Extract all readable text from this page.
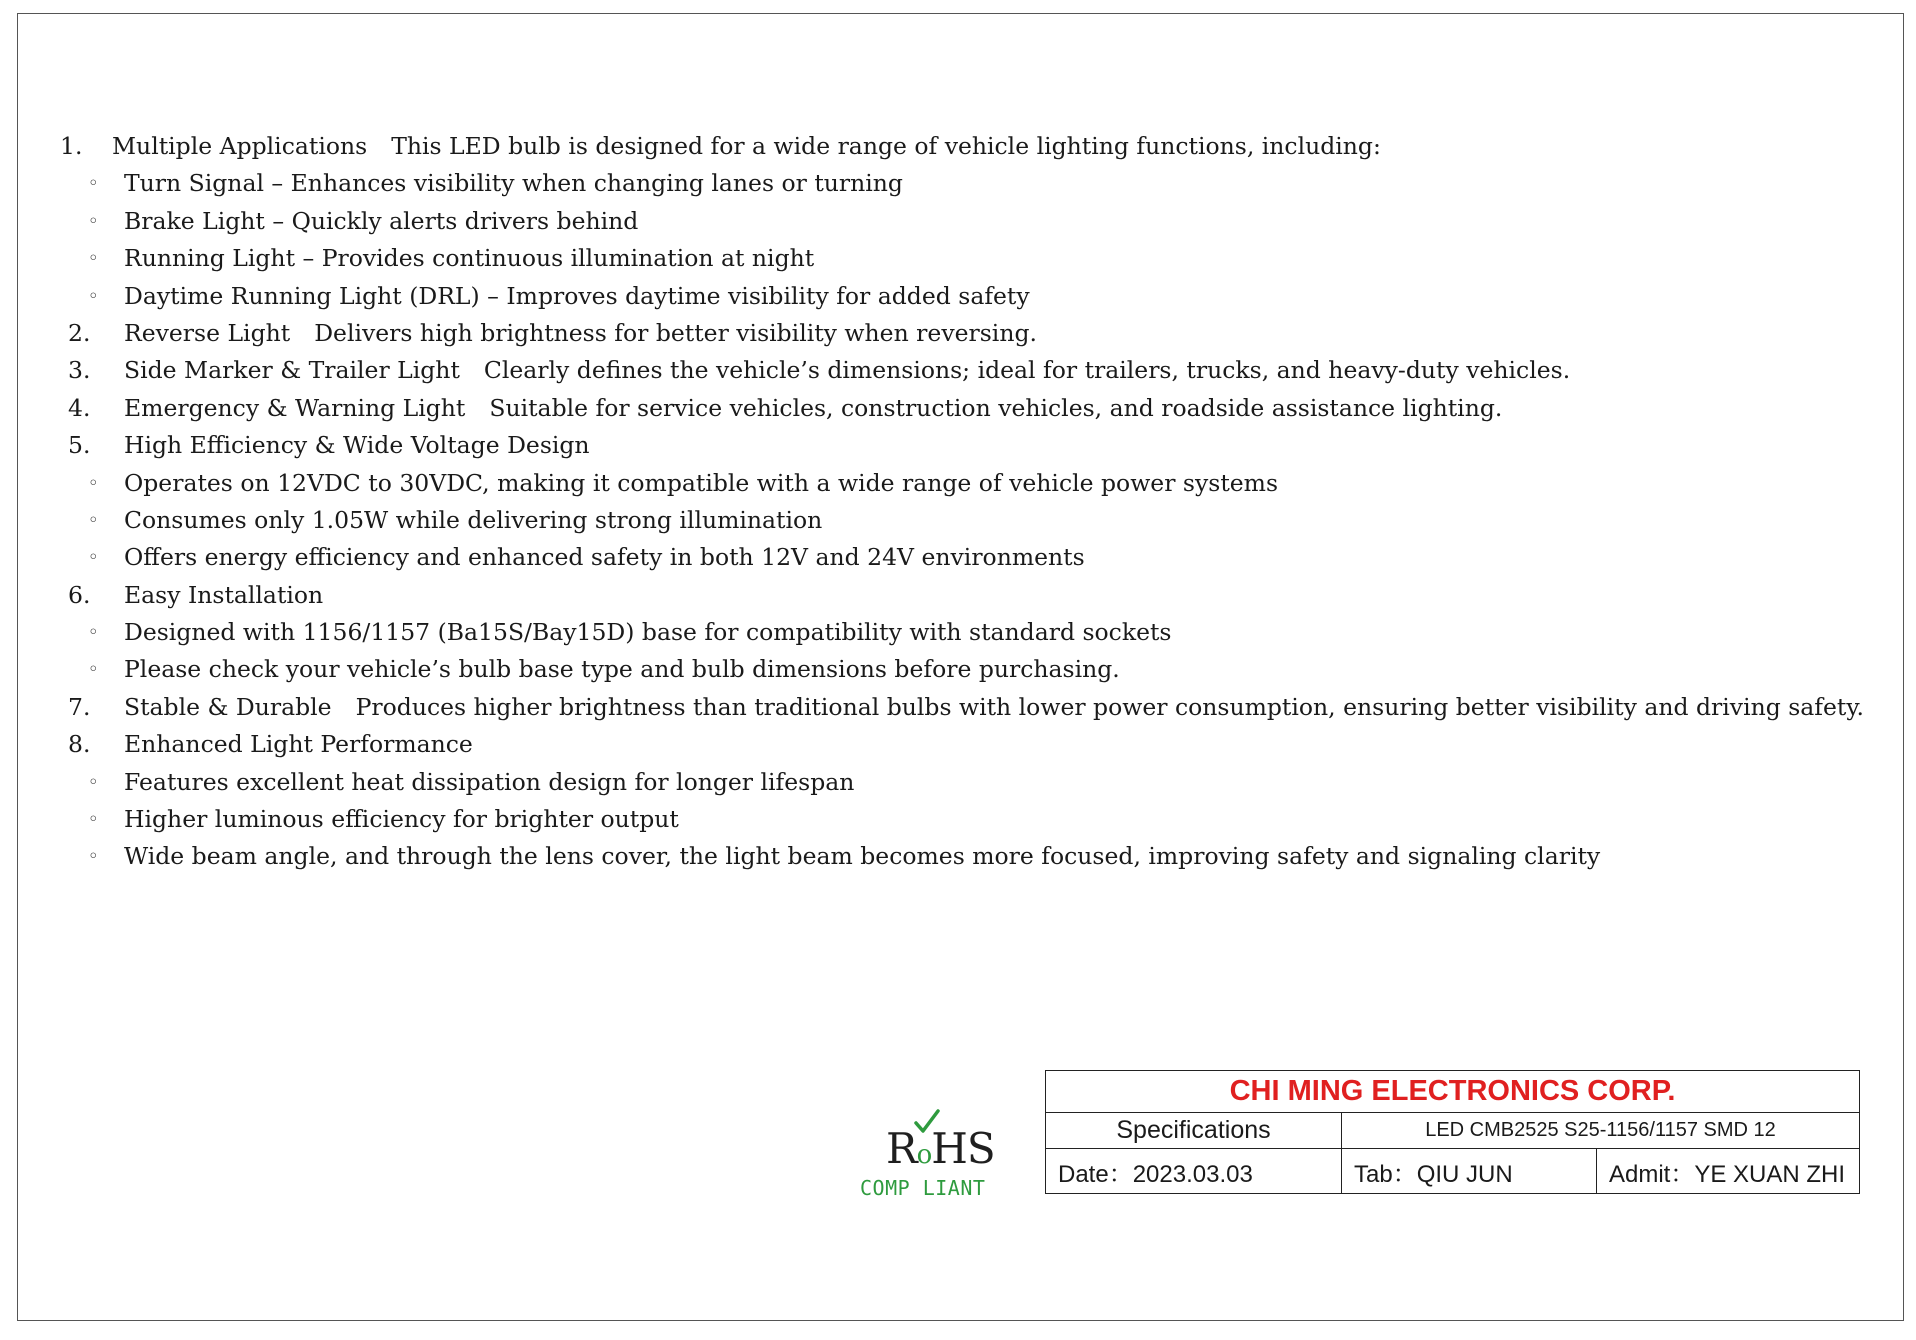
1. Multiple Applications This LED bulb is designed for a wide range of vehicle lighting functions, including:
◦ Turn Signal – Enhances visibility when changing lanes or turning
◦ Brake Light – Quickly alerts drivers behind
◦ Running Light – Provides continuous illumination at night
◦ Daytime Running Light (DRL) – Improves daytime visibility for added safety
2. Reverse Light Delivers high brightness for better visibility when reversing.
3. Side Marker & Trailer Light Clearly defines the vehicle’s dimensions; ideal for trailers, trucks, and heavy-duty vehicles.
4. Emergency & Warning Light Suitable for service vehicles, construction vehicles, and roadside assistance lighting.
5. High Efficiency & Wide Voltage Design
◦ Operates on 12VDC to 30VDC, making it compatible with a wide range of vehicle power systems
◦ Consumes only 1.05W while delivering strong illumination
◦ Offers energy efficiency and enhanced safety in both 12V and 24V environments
6. Easy Installation
◦ Designed with 1156/1157 (Ba15S/Bay15D) base for compatibility with standard sockets
◦ Please check your vehicle’s bulb base type and bulb dimensions before purchasing.
7. Stable & Durable Produces higher brightness than traditional bulbs with lower power consumption, ensuring better visibility and driving safety.
8. Enhanced Light Performance
◦ Features excellent heat dissipation design for longer lifespan
◦ Higher luminous efficiency for brighter output
◦ Wide beam angle, and through the lens cover, the light beam becomes more focused, improving safety and signaling clarity
RoHS
COMP LIANT
CHI MING ELECTRONICS CORP.		
Specifications	LED CMB2525 S25-1156/1157 SMD 12	
Date：2023.03.03	Tab：QIU JUN	Admit：YE XUAN ZHI
